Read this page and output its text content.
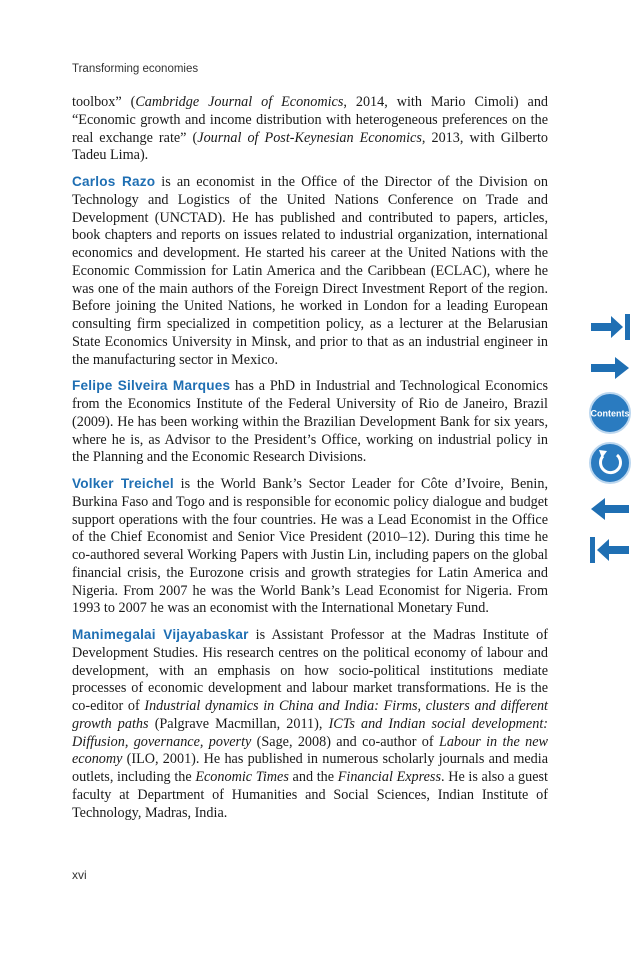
Transforming economies

toolbox” (Cambridge Journal of Economics, 2014, with Mario Cimoli) and “Economic growth and income distribution with heterogeneous preferences on the real exchange rate” (Journal of Post-Keynesian Economics, 2013, with Gilberto Tadeu Lima).

Carlos Razo is an economist in the Office of the Director of the Division on Technology and Logistics of the United Nations Conference on Trade and Development (UNCTAD). He has published and contributed to papers, articles, book chapters and reports on issues related to industrial organization, international economics and development. He started his career at the United Nations with the Economic Commission for Latin America and the Caribbean (ECLAC), where he was one of the main authors of the Foreign Direct Investment Report of the region. Before joining the United Nations, he worked in London for a leading European consulting firm specialized in competition policy, as a lecturer at the Belarusian State Economics University in Minsk, and prior to that as an industrial engineer in the manufacturing sector in Mexico.

Felipe Silveira Marques has a PhD in Industrial and Technological Economics from the Economics Institute of the Federal University of Rio de Janeiro, Brazil (2009). He has been working within the Brazilian Development Bank for six years, where he is, as Advisor to the President’s Office, working on industrial policy in the Planning and the Economic Research Divisions.

Volker Treichel is the World Bank’s Sector Leader for Côte d’Ivoire, Benin, Burkina Faso and Togo and is responsible for economic policy dialogue and budget support operations with the four countries. He was a Lead Economist in the Office of the Chief Economist and Senior Vice President (2010–12). During this time he co-authored several Working Papers with Justin Lin, including papers on the global financial crisis, the Eurozone crisis and growth strategies for Latin America and Nigeria. From 2007 he was the World Bank’s Lead Economist for Nigeria. From 1993 to 2007 he was an economist with the International Monetary Fund.

Manimegalai Vijayabaskar is Assistant Professor at the Madras Institute of Development Studies. His research centres on the political economy of labour and development, with an emphasis on how socio-political institutions mediate processes of economic development and labour market transformations. He is the co-editor of Industrial dynamics in China and India: Firms, clusters and different growth paths (Palgrave Macmillan, 2011), ICTs and Indian social development: Diffusion, governance, poverty (Sage, 2008) and co-author of Labour in the new economy (ILO, 2001). He has published in numerous scholarly journals and media outlets, including the Economic Times and the Financial Express. He is also a guest faculty at Department of Humanities and Social Sciences, Indian Institute of Technology, Madras, India.

xvi
Contents
